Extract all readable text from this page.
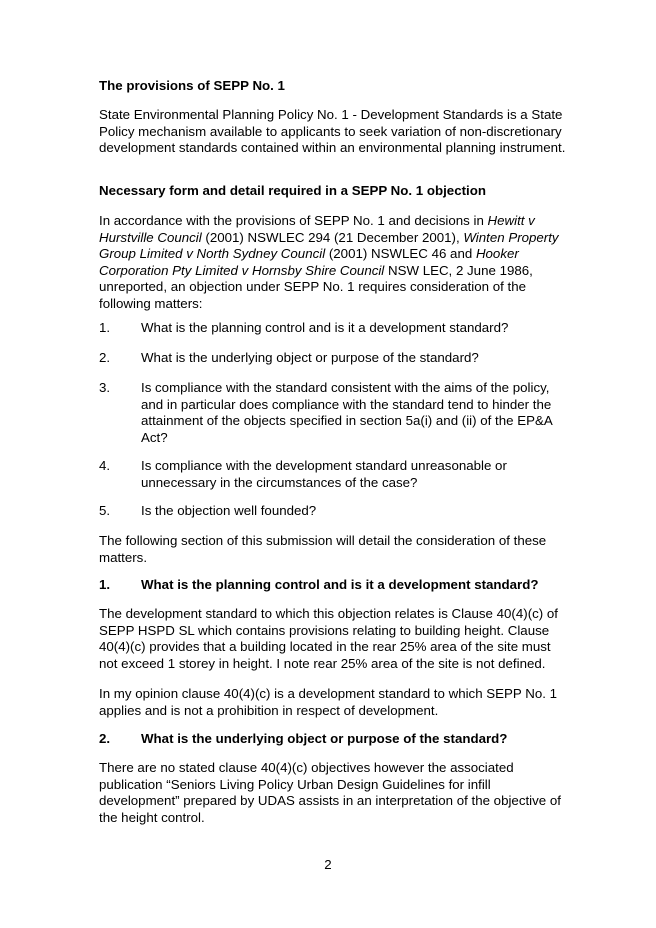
The provisions of SEPP No. 1

State Environmental Planning Policy No. 1 - Development Standards is a State Policy mechanism available to applicants to seek variation of non-discretionary development standards contained within an environmental planning instrument.

Necessary form and detail required in a SEPP No. 1 objection

In accordance with the provisions of SEPP No. 1 and decisions in Hewitt v Hurstville Council (2001) NSWLEC 294 (21 December 2001), Winten Property Group Limited v North Sydney Council (2001) NSWLEC 46 and Hooker Corporation Pty Limited v Hornsby Shire Council NSW LEC, 2 June 1986, unreported, an objection under SEPP No. 1 requires consideration of the following matters:

1. What is the planning control and is it a development standard?
2. What is the underlying object or purpose of the standard?
3. Is compliance with the standard consistent with the aims of the policy, and in particular does compliance with the standard tend to hinder the attainment of the objects specified in section 5a(i) and (ii) of the EP&A Act?
4. Is compliance with the development standard unreasonable or unnecessary in the circumstances of the case?
5. Is the objection well founded?

The following section of this submission will detail the consideration of these matters.

1. What is the planning control and is it a development standard?

The development standard to which this objection relates is Clause 40(4)(c) of SEPP HSPD SL which contains provisions relating to building height. Clause 40(4)(c) provides that a building located in the rear 25% area of the site must not exceed 1 storey in height. I note rear 25% area of the site is not defined.

In my opinion clause 40(4)(c) is a development standard to which SEPP No. 1 applies and is not a prohibition in respect of development.

2. What is the underlying object or purpose of the standard?

There are no stated clause 40(4)(c) objectives however the associated publication “Seniors Living Policy Urban Design Guidelines for infill development” prepared by UDAS assists in an interpretation of the objective of the height control.

2
